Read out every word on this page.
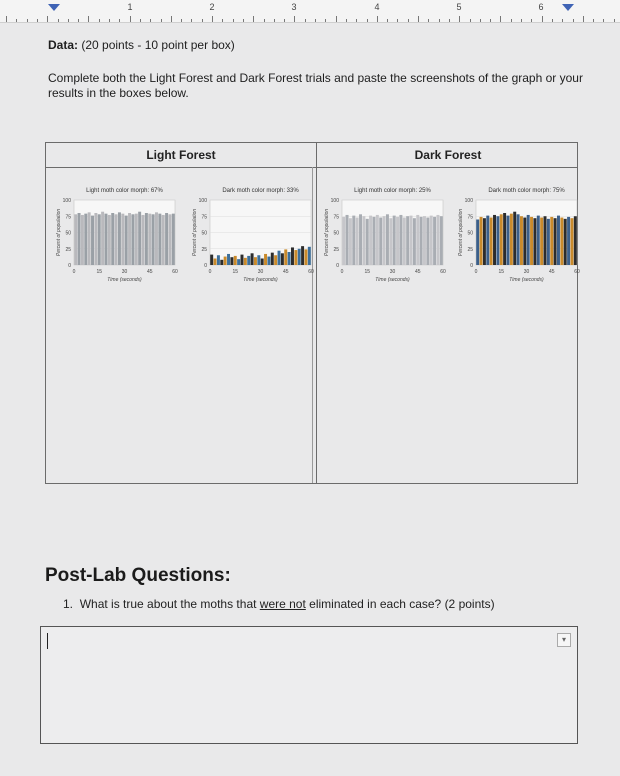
1	2	3	4	5	6
Data: (20 points - 10 point per box)
Complete both the Light Forest and Dark Forest trials and paste the screenshots of the graph or your results in the boxes below.
Light Forest	Dark Forest
Light moth color morph: 67%
0
25
50
75
100
0	15	30	45	60
Time (seconds)
Percent of population
Dark moth color morph: 33%
0
25
50
75
100
0	15	30	45	60
Time (seconds)
Percent of population
Light moth color morph: 25%
0
25
50
75
100
0	15	30	45	60
Time (seconds)
Percent of population
Dark moth color morph: 75%
0
25
50
75
100
0	15	30	45	60
Time (seconds)
Percent of population
Post-Lab Questions:
1. What is true about the moths that were not eliminated in each case? (2 points)
▾
